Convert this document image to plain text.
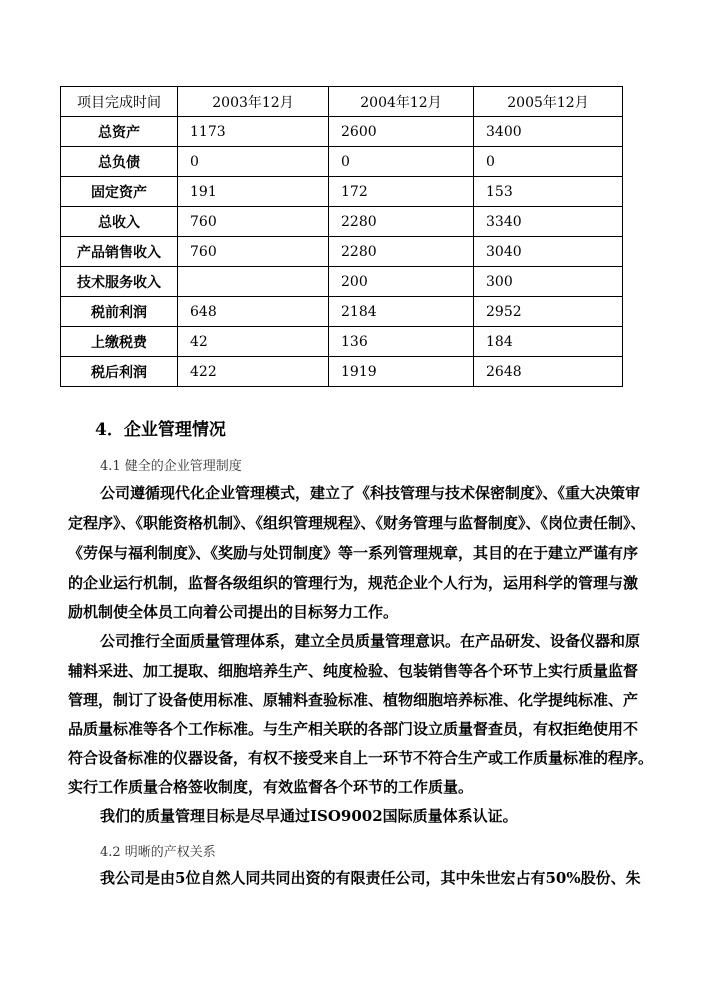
项目完成时间	2003年12月	2004年12月	2005年12月
总资产	1173	2600	3400
总负债	0	0	0
固定资产	191	172	153
总收入	760	2280	3340
产品销售收入	760	2280	3040
技术服务收入		200	300
税前利润	648	2184	2952
上缴税费	42	136	184
税后利润	422	1919	2648
4．企业管理情况
4.1 健全的企业管理制度
公司遵循现代化企业管理模式，建立了《科技管理与技术保密制度》、《重大决策审
定程序》、《职能资格机制》、《组织管理规程》、《财务管理与监督制度》、《岗位责任制》、
《劳保与福利制度》、《奖励与处罚制度》等一系列管理规章，其目的在于建立严谨有序
的企业运行机制，监督各级组织的管理行为，规范企业个人行为，运用科学的管理与激
励机制使全体员工向着公司提出的目标努力工作。
公司推行全面质量管理体系，建立全员质量管理意识。在产品研发、设备仪器和原
辅料采进、加工提取、细胞培养生产、纯度检验、包装销售等各个环节上实行质量监督
管理，制订了设备使用标准、原辅料查验标准、植物细胞培养标准、化学提纯标准、产
品质量标准等各个工作标准。与生产相关联的各部门设立质量督查员，有权拒绝使用不
符合设备标准的仪器设备，有权不接受来自上一环节不符合生产或工作质量标准的程序。
实行工作质量合格签收制度，有效监督各个环节的工作质量。
我们的质量管理目标是尽早通过ISO9002国际质量体系认证。
4.2 明晰的产权关系
我公司是由5位自然人同共同出资的有限责任公司，其中朱世宏占有50%股份、朱
